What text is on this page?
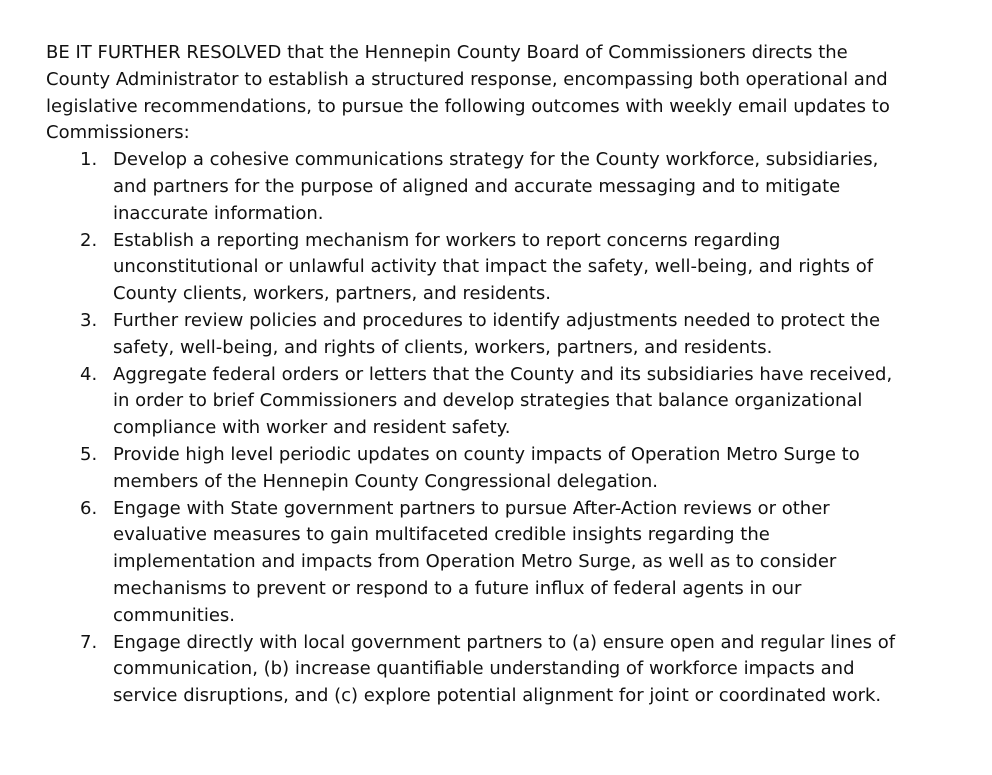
BE IT FURTHER RESOLVED that the Hennepin County Board of Commissioners directs the County Administrator to establish a structured response, encompassing both operational and legislative recommendations, to pursue the following outcomes with weekly email updates to Commissioners:

1. Develop a cohesive communications strategy for the County workforce, subsidiaries, and partners for the purpose of aligned and accurate messaging and to mitigate inaccurate information.
2. Establish a reporting mechanism for workers to report concerns regarding unconstitutional or unlawful activity that impact the safety, well-being, and rights of County clients, workers, partners, and residents.
3. Further review policies and procedures to identify adjustments needed to protect the safety, well-being, and rights of clients, workers, partners, and residents.
4. Aggregate federal orders or letters that the County and its subsidiaries have received, in order to brief Commissioners and develop strategies that balance organizational compliance with worker and resident safety.
5. Provide high level periodic updates on county impacts of Operation Metro Surge to members of the Hennepin County Congressional delegation.
6. Engage with State government partners to pursue After-Action reviews or other evaluative measures to gain multifaceted credible insights regarding the implementation and impacts from Operation Metro Surge, as well as to consider mechanisms to prevent or respond to a future influx of federal agents in our communities.
7. Engage directly with local government partners to (a) ensure open and regular lines of communication, (b) increase quantifiable understanding of workforce impacts and service disruptions, and (c) explore potential alignment for joint or coordinated work.
